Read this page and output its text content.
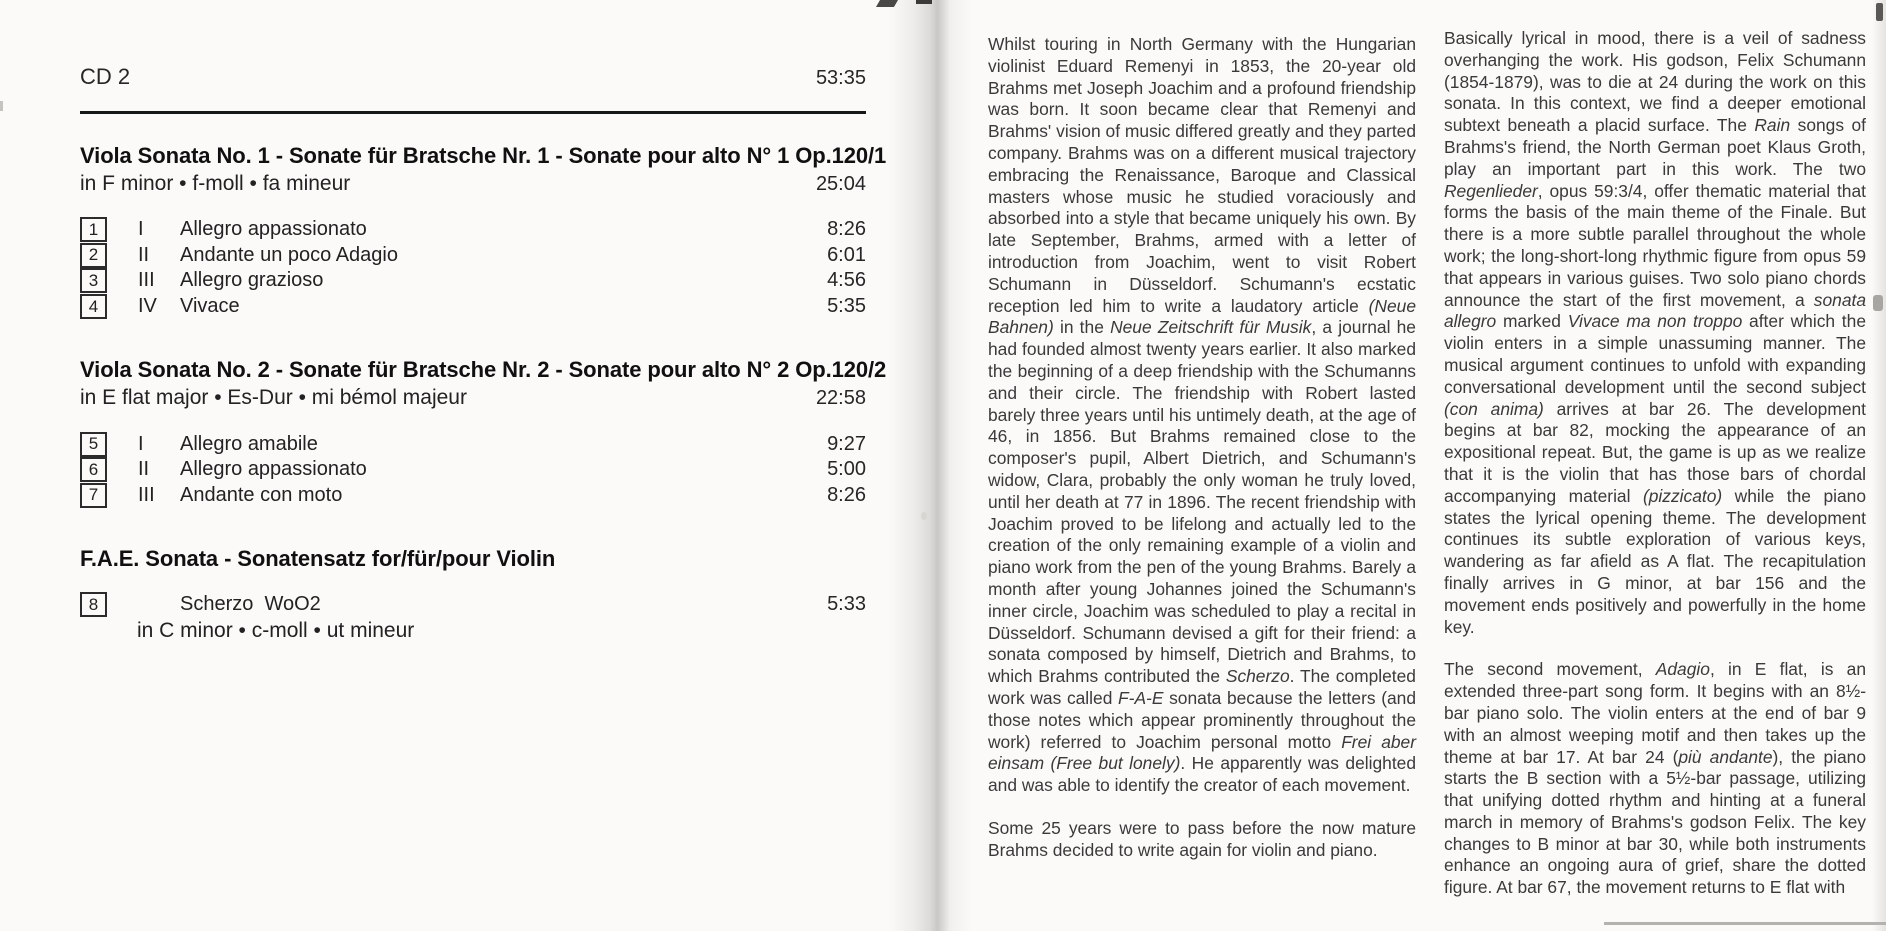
CD 2	53:35
Viola Sonata No. 1 - Sonate für Bratsche Nr. 1 - Sonate pour alto N° 1 Op.120/1
in F minor • f-moll • fa mineur	25:04
1	I	Allegro appassionato	8:26
2	II	Andante un poco Adagio	6:01
3	III	Allegro grazioso	4:56
4	IV	Vivace	5:35
Viola Sonata No. 2 - Sonate für Bratsche Nr. 2 - Sonate pour alto N° 2 Op.120/2
in E flat major • Es-Dur • mi bémol majeur	22:58
5	I	Allegro amabile	9:27
6	II	Allegro appassionato	5:00
7	III	Andante con moto	8:26
F.A.E. Sonata - Sonatensatz for/für/pour Violin
8	Scherzo  WoO2	5:33
in C minor • c-moll • ut mineur

Whilst touring in North Germany with the Hungarian violinist Eduard Remenyi in 1853, the 20-year old Brahms met Joseph Joachim and a profound friendship was born. It soon became clear that Remenyi and Brahms' vision of music differed greatly and they parted company. Brahms was on a different musical trajectory embracing the Renaissance, Baroque and Classical masters whose music he studied voraciously and absorbed into a style that became uniquely his own. By late September, Brahms, armed with a letter of introduction from Joachim, went to visit Robert Schumann in Düsseldorf. Schumann's ecstatic reception led him to write a laudatory article (Neue Bahnen) in the Neue Zeitschrift für Musik, a journal he had founded almost twenty years earlier. It also marked the beginning of a deep friendship with the Schumanns and their circle. The friendship with Robert lasted barely three years until his untimely death, at the age of 46, in 1856. But Brahms remained close to the composer's pupil, Albert Dietrich, and Schumann's widow, Clara, probably the only woman he truly loved, until her death at 77 in 1896. The recent friendship with Joachim proved to be lifelong and actually led to the creation of the only remaining example of a violin and piano work from the pen of the young Brahms. Barely a month after young Johannes joined the Schumann's inner circle, Joachim was scheduled to play a recital in Düsseldorf. Schumann devised a gift for their friend: a sonata composed by himself, Dietrich and Brahms, to which Brahms contributed the Scherzo. The completed work was called F-A-E sonata because the letters (and those notes which appear prominently throughout the work) referred to Joachim personal motto Frei aber einsam (Free but lonely). He apparently was delighted and was able to identify the creator of each movement.

Some 25 years were to pass before the now mature Brahms decided to write again for violin and piano.

Basically lyrical in mood, there is a veil of sadness overhanging the work. His godson, Felix Schumann (1854-1879), was to die at 24 during the work on this sonata. In this context, we find a deeper emotional subtext beneath a placid surface. The Rain songs of Brahms's friend, the North German poet Klaus Groth, play an important part in this work. The two Regenlieder, opus 59:3/4, offer thematic material that forms the basis of the main theme of the Finale. But there is a more subtle parallel throughout the whole work; the long-short-long rhythmic figure from opus 59 that appears in various guises. Two solo piano chords announce the start of the first movement, a sonata allegro marked Vivace ma non troppo after which the violin enters in a simple unassuming manner. The musical argument continues to unfold with expanding conversational development until the second subject (con anima) arrives at bar 26. The development begins at bar 82, mocking the appearance of an expositional repeat. But, the game is up as we realize that it is the violin that has those bars of chordal accompanying material (pizzicato) while the piano states the lyrical opening theme. The development continues its subtle exploration of various keys, wandering as far afield as A flat. The recapitulation finally arrives in G minor, at bar 156 and the movement ends positively and powerfully in the home key.

The second movement, Adagio, in E flat, is an extended three-part song form. It begins with an 8½-bar piano solo. The violin enters at the end of bar 9 with an almost weeping motif and then takes up the theme at bar 17. At bar 24 (più andante), the piano starts the B section with a 5½-bar passage, utilizing that unifying dotted rhythm and hinting at a funeral march in memory of Brahms's godson Felix. The key changes to B minor at bar 30, while both instruments enhance an ongoing aura of grief, share the dotted figure. At bar 67, the movement returns to E flat with
